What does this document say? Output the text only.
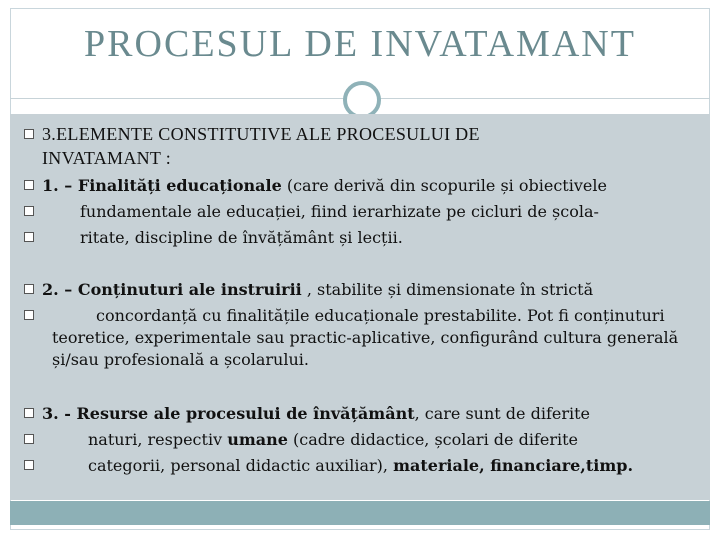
PROCESUL DE INVATAMANT
3.ELEMENTE CONSTITUTIVE ALE PROCESULUI DE
INVATAMANT :
1. – Finalități educaționale (care derivă din scopurile și obiectivele
fundamentale ale educației, fiind ierarhizate pe cicluri de școla-
ritate, discipline de învățământ și lecții.
2. – Conținuturi ale instruirii , stabilite și dimensionate în strictă
concordanță cu finalitățile educaționale prestabilite. Pot fi conținuturi
teoretice, experimentale sau practic-aplicative, configurând cultura generală
și/sau profesională a școlarului.
3. - Resurse ale procesului de învățământ, care sunt de diferite
naturi, respectiv umane (cadre didactice, școlari de diferite
categorii, personal didactic auxiliar), materiale, financiare,timp.
